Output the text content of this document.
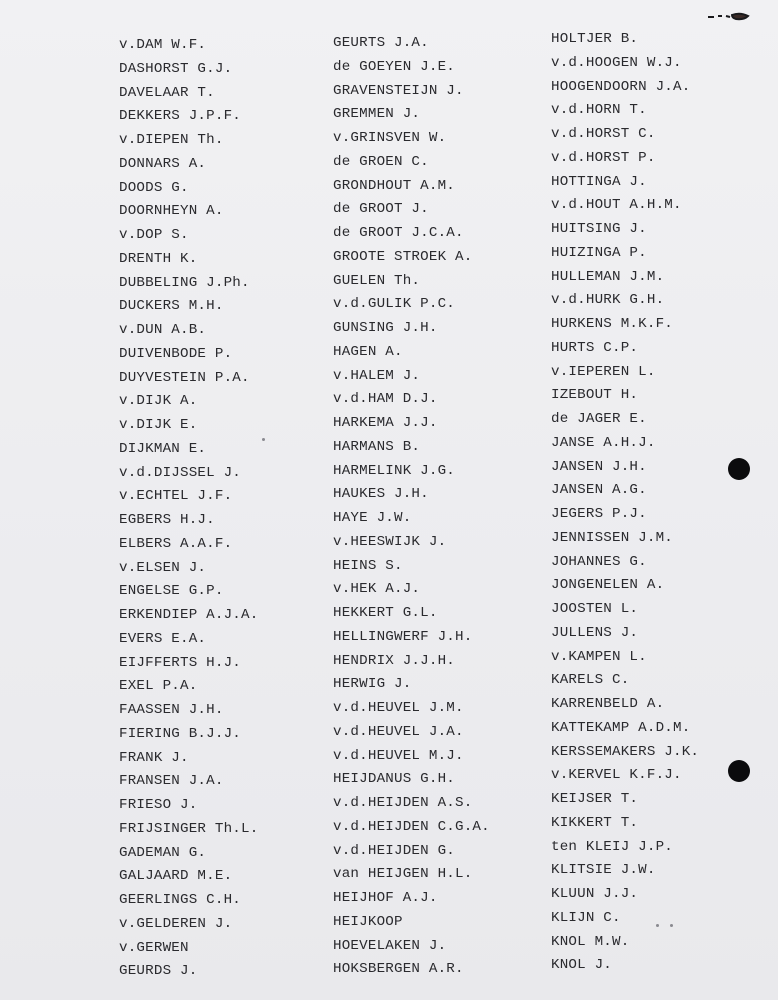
v.DAM W.F.
DASHORST G.J.
DAVELAAR T.
DEKKERS J.P.F.
v.DIEPEN Th.
DONNARS A.
DOODS G.
DOORNHEYN A.
v.DOP S.
DRENTH K.
DUBBELING J.Ph.
DUCKERS M.H.
v.DUN A.B.
DUIVENBODE P.
DUYVESTEIN P.A.
v.DIJK A.
v.DIJK E.
DIJKMAN E.
v.d.DIJSSEL J.
v.ECHTEL J.F.
EGBERS H.J.
ELBERS A.A.F.
v.ELSEN J.
ENGELSE G.P.
ERKENDIEP A.J.A.
EVERS E.A.
EIJFFERTS H.J.
EXEL P.A.
FAASSEN J.H.
FIERING B.J.J.
FRANK J.
FRANSEN J.A.
FRIESO J.
FRIJSINGER Th.L.
GADEMAN G.
GALJAARD M.E.
GEERLINGS C.H.
v.GELDEREN J.
v.GERWEN
GEURDS J.
GEURTS J.A.
de GOEYEN J.E.
GRAVENSTEIJN J.
GREMMEN J.
v.GRINSVEN W.
de GROEN C.
GRONDHOUT A.M.
de GROOT J.
de GROOT J.C.A.
GROOTE STROEK A.
GUELEN Th.
v.d.GULIK P.C.
GUNSING J.H.
HAGEN A.
v.HALEM J.
v.d.HAM D.J.
HARKEMA J.J.
HARMANS B.
HARMELINK J.G.
HAUKES J.H.
HAYE J.W.
v.HEESWIJK J.
HEINS S.
v.HEK A.J.
HEKKERT G.L.
HELLINGWERF J.H.
HENDRIX J.J.H.
HERWIG J.
v.d.HEUVEL J.M.
v.d.HEUVEL J.A.
v.d.HEUVEL M.J.
HEIJDANUS G.H.
v.d.HEIJDEN A.S.
v.d.HEIJDEN C.G.A.
v.d.HEIJDEN G.
van HEIJGEN H.L.
HEIJHOF A.J.
HEIJKOOP
HOEVELAKEN J.
HOKSBERGEN A.R.
HOLTJER B.
v.d.HOOGEN W.J.
HOOGENDOORN J.A.
v.d.HORN T.
v.d.HORST C.
v.d.HORST P.
HOTTINGA J.
v.d.HOUT A.H.M.
HUITSING J.
HUIZINGA P.
HULLEMAN J.M.
v.d.HURK G.H.
HURKENS M.K.F.
HURTS C.P.
v.IEPEREN L.
IZEBOUT H.
de JAGER E.
JANSE A.H.J.
JANSEN J.H.
JANSEN A.G.
JEGERS P.J.
JENNISSEN J.M.
JOHANNES G.
JONGENELEN A.
JOOSTEN L.
JULLENS J.
v.KAMPEN L.
KARELS C.
KARRENBELD A.
KATTEKAMP A.D.M.
KERSSEMAKERS J.K.
v.KERVEL K.F.J.
KEIJSER T.
KIKKERT T.
ten KLEIJ J.P.
KLITSIE J.W.
KLUUN J.J.
KLIJN C.
KNOL M.W.
KNOL J.
